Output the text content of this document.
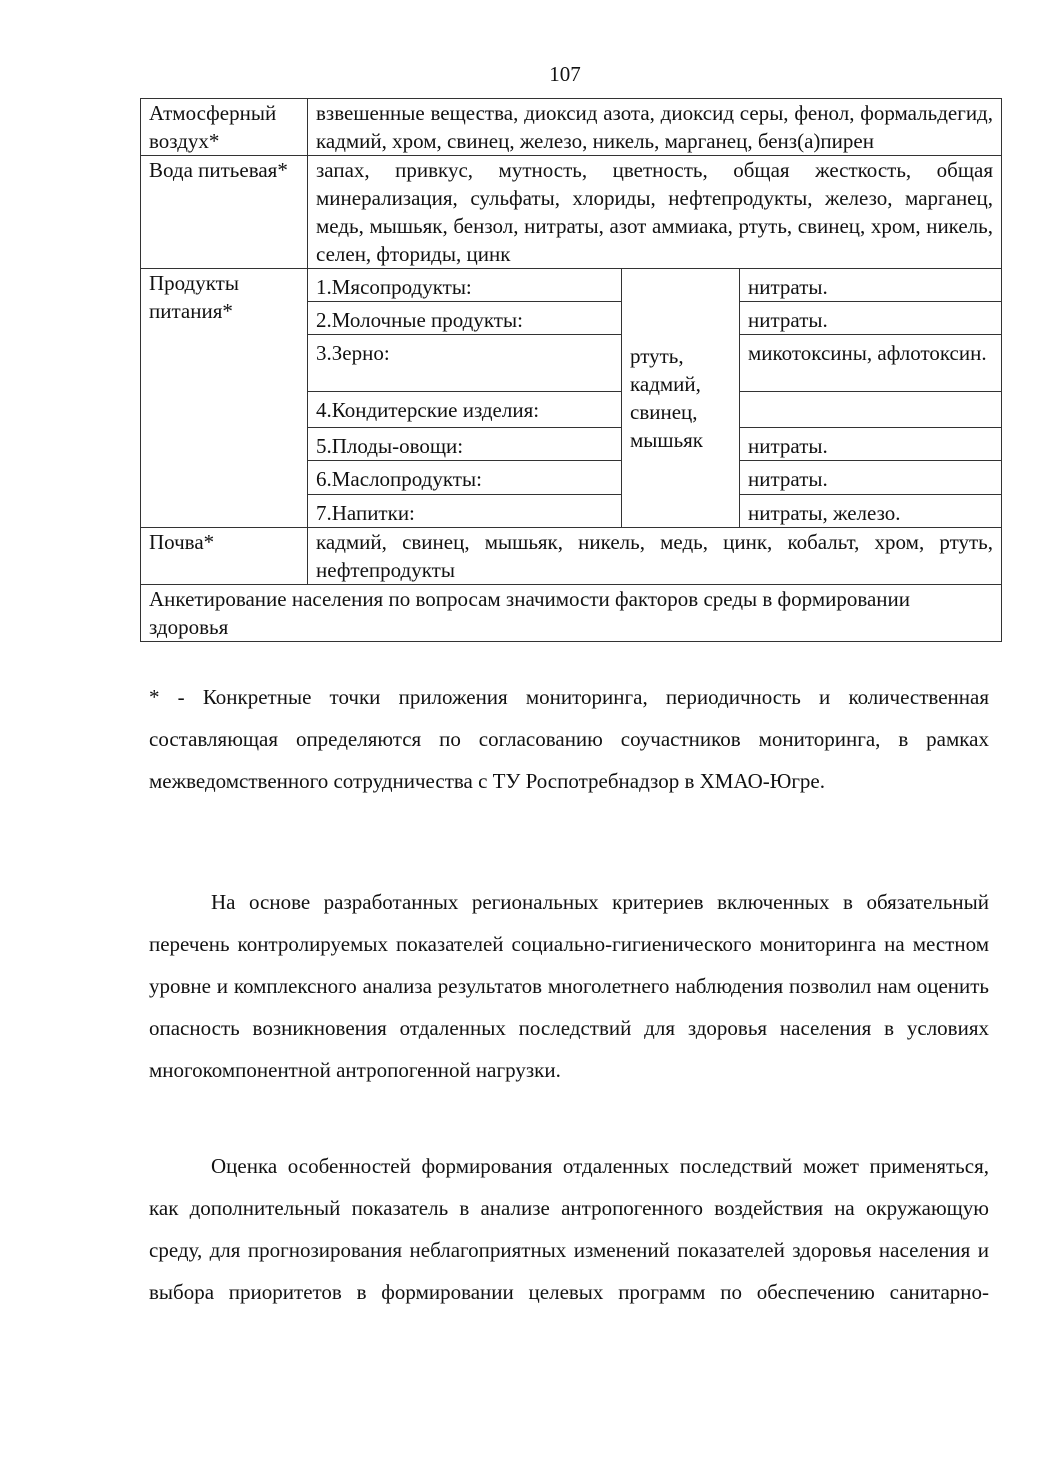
107
Атмосферный воздух*	взвешенные вещества, диоксид азота, диоксид серы, фенол, формальдегид, кадмий, хром, свинец, железо, никель, марганец, бенз(а)пирен		
Вода питьевая*	запах, привкус, мутность, цветность, общая жесткость, общая минерализация, сульфаты, хлориды, нефтепродукты, железо, марганец, медь, мышьяк, бензол, нитраты, азот аммиака, ртуть, свинец, хром, никель, селен, фториды, цинк		
Продукты питания*	1.Мясопродукты:	ртуть, кадмий, свинец, мышьяк	нитраты.
	2.Молочные продукты:		нитраты.
	3.Зерно:		микотоксины, афлотоксин.
	4.Кондитерские изделия:		
	5.Плоды-овощи:		нитраты.
	6.Маслопродукты:		нитраты.
	7.Напитки:		нитраты, железо.
Почва*	кадмий, свинец, мышьяк, никель, медь, цинк, кобальт, хром, ртуть, нефтепродукты		
Анкетирование населения по вопросам значимости факторов среды в формировании здоровья			
* - Конкретные точки приложения мониторинга, периодичность и количественная составляющая определяются по согласованию соучастников мониторинга, в рамках межведомственного сотрудничества с ТУ Роспотребнадзор в ХМАО-Югре.
На основе разработанных региональных критериев включенных в обязательный перечень контролируемых показателей социально-гигиенического мониторинга на местном уровне и комплексного анализа результатов многолетнего наблюдения позволил нам оценить опасность возникновения отдаленных последствий для здоровья населения в условиях многокомпонентной антропогенной нагрузки.
Оценка особенностей формирования отдаленных последствий может применяться, как дополнительный показатель в анализе антропогенного воздействия на окружающую среду, для прогнозирования неблагоприятных изменений показателей здоровья населения и выбора приоритетов в формировании целевых программ по обеспечению санитарно-
